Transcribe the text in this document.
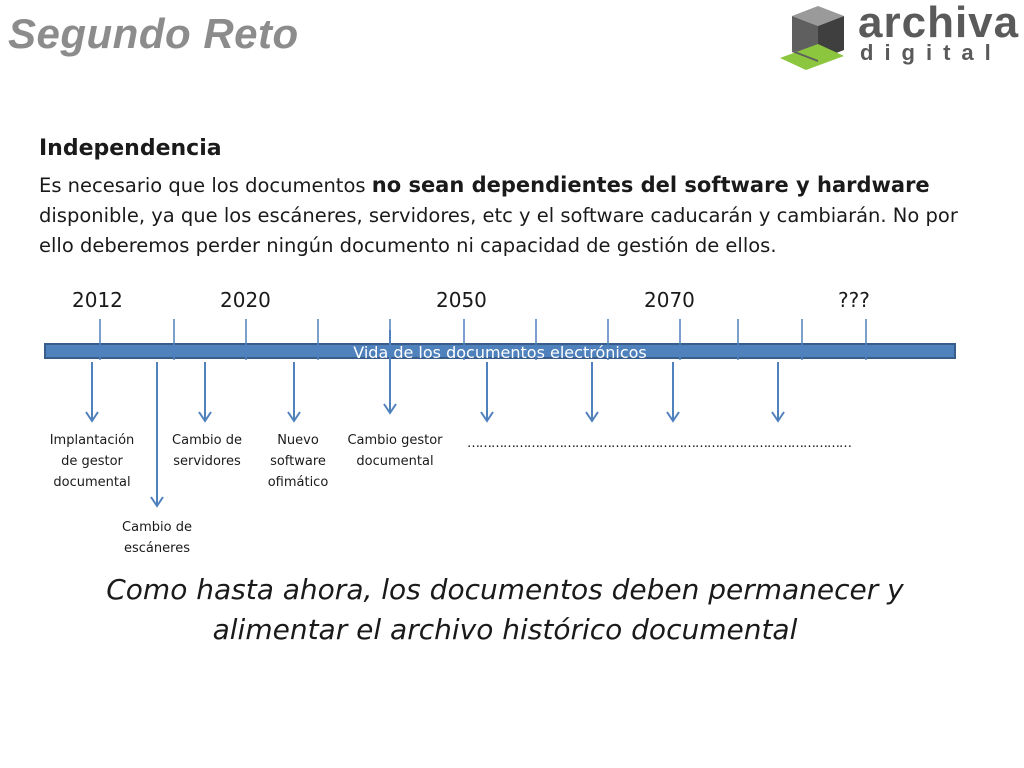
Segundo Reto	archiva
digital
Independencia
Es necesario que los documentos no sean dependientes del software y hardware disponible, ya que los escáneres, servidores, etc y el software caducarán y cambiarán. No por ello deberemos perder ningún documento ni capacidad de gestión de ellos.
2012	2020	2050	2070	???
Vida de los documentos electrónicos
Implantación de gestor documental
Cambio de escáneres
Cambio de servidores
Nuevo software ofimático
Cambio gestor documental
……………………………………………………………………………………
Como hasta ahora, los documentos deben permanecer y alimentar el archivo histórico documental
